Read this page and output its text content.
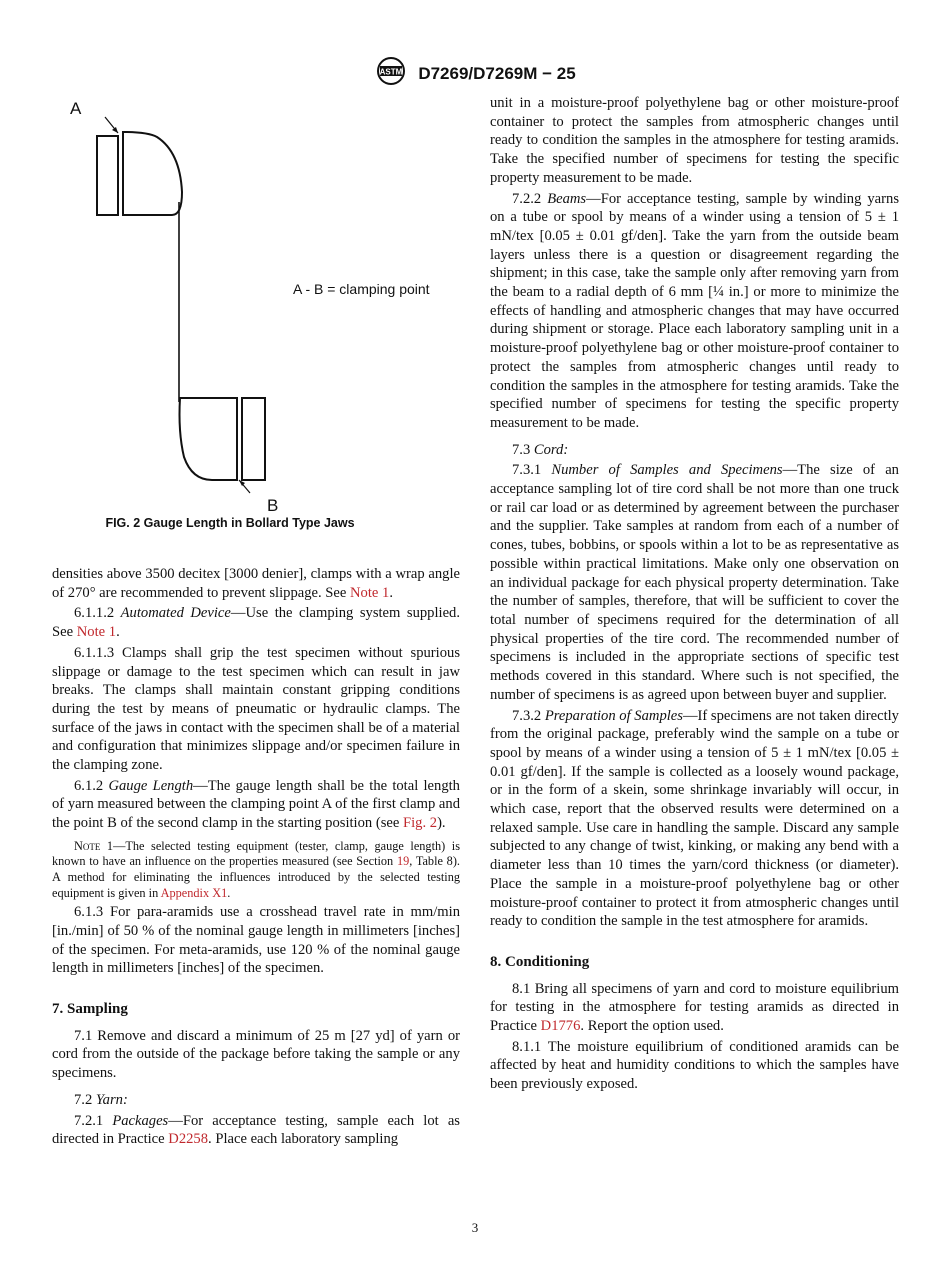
ASTM D7269/D7269M − 25
A
B
A - B = clamping point
FIG. 2 Gauge Length in Bollard Type Jaws

densities above 3500 decitex [3000 denier], clamps with a wrap angle of 270° are recommended to prevent slippage. See Note 1.

6.1.1.2 Automated Device—Use the clamping system supplied. See Note 1.

6.1.1.3 Clamps shall grip the test specimen without spurious slippage or damage to the test specimen which can result in jaw breaks. The clamps shall maintain constant gripping conditions during the test by means of pneumatic or hydraulic clamps. The surface of the jaws in contact with the specimen shall be of a material and configuration that minimizes slippage and/or specimen failure in the clamping zone.

6.1.2 Gauge Length—The gauge length shall be the total length of yarn measured between the clamping point A of the first clamp and the point B of the second clamp in the starting position (see Fig. 2).

Note 1—The selected testing equipment (tester, clamp, gauge length) is known to have an influence on the properties measured (see Section 19, Table 8). A method for eliminating the influences introduced by the selected testing equipment is given in Appendix X1.

6.1.3 For para-aramids use a crosshead travel rate in mm/min [in./min] of 50 % of the nominal gauge length in millimeters [inches] of the specimen. For meta-aramids, use 120 % of the nominal gauge length in millimeters [inches] of the specimen.

7. Sampling

7.1 Remove and discard a minimum of 25 m [27 yd] of yarn or cord from the outside of the package before taking the sample or any specimens.

7.2 Yarn:

7.2.1 Packages—For acceptance testing, sample each lot as directed in Practice D2258. Place each laboratory sampling

unit in a moisture-proof polyethylene bag or other moisture-proof container to protect the samples from atmospheric changes until ready to condition the samples in the atmosphere for testing aramids. Take the specified number of specimens for testing the specific property measurement to be made.

7.2.2 Beams—For acceptance testing, sample by winding yarns on a tube or spool by means of a winder using a tension of 5 ± 1 mN/tex [0.05 ± 0.01 gf/den]. Take the yarn from the outside beam layers unless there is a question or disagreement regarding the shipment; in this case, take the sample only after removing yarn from the beam to a radial depth of 6 mm [¼ in.] or more to minimize the effects of handling and atmospheric changes that may have occurred during shipment or storage. Place each laboratory sampling unit in a moisture-proof polyethylene bag or other moisture-proof container to protect the samples from atmospheric changes until ready to condition the samples in the atmosphere for testing aramids. Take the specified number of specimens for testing the specific property measurement to be made.

7.3 Cord:

7.3.1 Number of Samples and Specimens—The size of an acceptance sampling lot of tire cord shall be not more than one truck or rail car load or as determined by agreement between the purchaser and the supplier. Take samples at random from each of a number of cones, tubes, bobbins, or spools within a lot to be as representative as possible within practical limitations. Make only one observation on an individual package for each physical property determination. Take the number of samples, therefore, that will be sufficient to cover the total number of specimens required for the determination of all physical properties of the tire cord. The recommended number of specimens is included in the appropriate sections of specific test methods covered in this standard. Where such is not specified, the number of specimens is as agreed upon between buyer and supplier.

7.3.2 Preparation of Samples—If specimens are not taken directly from the original package, preferably wind the sample on a tube or spool by means of a winder using a tension of 5 ± 1 mN/tex [0.05 ± 0.01 gf/den]. If the sample is collected as a loosely wound package, or in the form of a skein, some shrinkage invariably will occur, in which case, report that the observed results were determined on a relaxed sample. Use care in handling the sample. Discard any sample subjected to any change of twist, kinking, or making any bend with a diameter less than 10 times the yarn/cord thickness (or diameter). Place the sample in a moisture-proof polyethylene bag or other moisture-proof container to protect it from atmospheric changes until ready to condition the sample in the test atmosphere for aramids.

8. Conditioning

8.1 Bring all specimens of yarn and cord to moisture equilibrium for testing in the atmosphere for testing aramids as directed in Practice D1776. Report the option used.

8.1.1 The moisture equilibrium of conditioned aramids can be affected by heat and humidity conditions to which the samples have been previously exposed.

3
